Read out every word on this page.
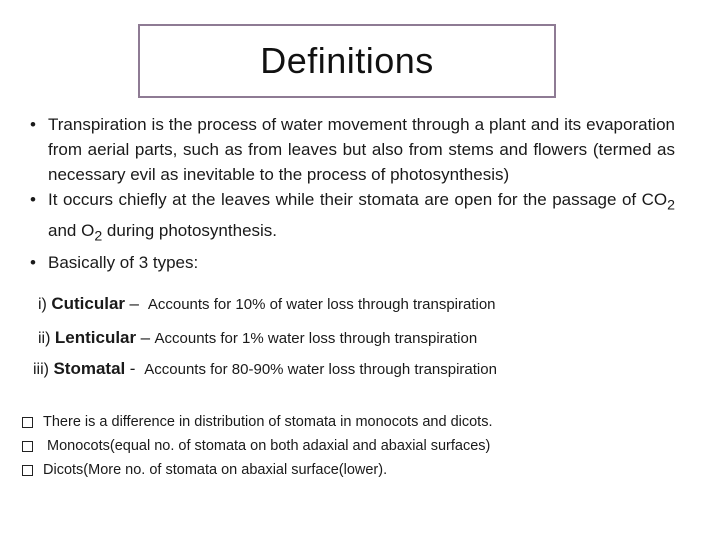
Definitions
• Transpiration is the process of water movement through a plant and its evaporation from aerial parts, such as from leaves but also from stems and flowers (termed as necessary evil as inevitable to the process of photosynthesis)
• It occurs chiefly at the leaves while their stomata are open for the passage of $CO_2$ and $O_2$ during photosynthesis.
• Basically of 3 types:
i) Cuticular – Accounts for 10% of water loss through transpiration
ii) Lenticular – Accounts for 1% water loss through transpiration
iii) Stomatal - Accounts for 80-90% water loss through transpiration
There is a difference in distribution of stomata in monocots and dicots.
Monocots(equal no. of stomata on both adaxial and abaxial surfaces)
Dicots(More no. of stomata on abaxial surface(lower).
